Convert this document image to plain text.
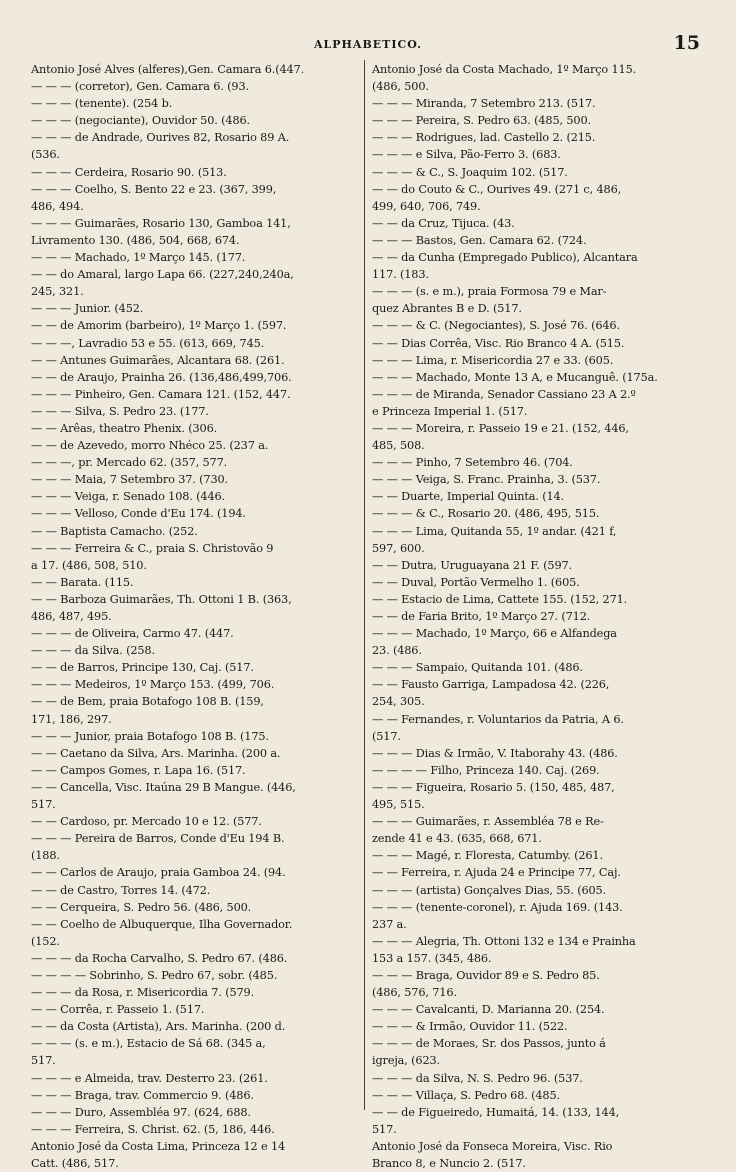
ALPHABETICO.	15
Antonio José Alves (alferes),Gen. Camara 6.(447.
— — — (corretor), Gen. Camara 6. (93.
— — — (tenente). (254 b.
— — — (negociante), Ouvidor 50. (486.
— — — de Andrade, Ourives 82, Rosario 89 A.
(536.
— — — Cerdeira, Rosario 90. (513.
— — — Coelho, S. Bento 22 e 23. (367, 399,
486, 494.
— — — Guimarães, Rosario 130, Gamboa 141,
Livramento 130. (486, 504, 668, 674.
— — — Machado, 1º Março 145. (177.
— — do Amaral, largo Lapa 66. (227,240,240a,
245, 321.
— — — Junior. (452.
— — de Amorim (barbeiro), 1º Março 1. (597.
— — —, Lavradio 53 e 55. (613, 669, 745.
— — Antunes Guimarães, Alcantara 68. (261.
— — de Araujo, Prainha 26. (136,486,499,706.
— — — Pinheiro, Gen. Camara 121. (152, 447.
— — — Silva, S. Pedro 23. (177.
— — Arêas, theatro Phenix. (306.
— — de Azevedo, morro Nhéco 25. (237 a.
— — —, pr. Mercado 62. (357, 577.
— — — Maia, 7 Setembro 37. (730.
— — — Veiga, r. Senado 108. (446.
— — — Velloso, Conde d'Eu 174. (194.
— — Baptista Camacho. (252.
— — — Ferreira & C., praia S. Christovão 9
a 17. (486, 508, 510.
— — Barata. (115.
— — Barboza Guimarães, Th. Ottoni 1 B. (363,
486, 487, 495.
— — — de Oliveira, Carmo 47. (447.
— — — da Silva. (258.
— — de Barros, Principe 130, Caj. (517.
— — — Medeiros, 1º Março 153. (499, 706.
— — de Bem, praia Botafogo 108 B. (159,
171, 186, 297.
— — — Junior, praia Botafogo 108 B. (175.
— — Caetano da Silva, Ars. Marinha. (200 a.
— — Campos Gomes, r. Lapa 16. (517.
— — Cancella, Visc. Itaúna 29 B Mangue. (446,
517.
— — Cardoso, pr. Mercado 10 e 12. (577.
— — — Pereira de Barros, Conde d'Eu 194 B.
(188.
— — Carlos de Araujo, praia Gamboa 24. (94.
— — de Castro, Torres 14. (472.
— — Cerqueira, S. Pedro 56. (486, 500.
— — Coelho de Albuquerque, Ilha Governador.
(152.
— — — da Rocha Carvalho, S. Pedro 67. (486.
— — — — Sobrinho, S. Pedro 67, sobr. (485.
— — — da Rosa, r. Misericordia 7. (579.
— — Corrêa, r. Passeio 1. (517.
— — da Costa (Artista), Ars. Marinha. (200 d.
— — — (s. e m.), Estacio de Sá 68. (345 a,
517.
— — — e Almeida, trav. Desterro 23. (261.
— — — Braga, trav. Commercio 9. (486.
— — — Duro, Assembléa 97. (624, 688.
— — — Ferreira, S. Christ. 62. (5, 186, 446.
Antonio José da Costa Lima, Princeza 12 e 14
Catt. (486, 517.
Antonio José da Costa Machado, 1º Março 115.
(486, 500.
— — — Miranda, 7 Setembro 213. (517.
— — — Pereira, S. Pedro 63. (485, 500.
— — — Rodrigues, lad. Castello 2. (215.
— — — e Silva, Pão-Ferro 3. (683.
— — — & C., S. Joaquim 102. (517.
— — do Couto & C., Ourives 49. (271 c, 486,
499, 640, 706, 749.
— — da Cruz, Tijuca. (43.
— — — Bastos, Gen. Camara 62. (724.
— — da Cunha (Empregado Publico), Alcantara
117. (183.
— — — (s. e m.), praia Formosa 79 e Mar-
quez Abrantes B e D. (517.
— — — & C. (Negociantes), S. José 76. (646.
— — Dias Corrêa, Visc. Rio Branco 4 A. (515.
— — — Lima, r. Misericordia 27 e 33. (605.
— — — Machado, Monte 13 A, e Mucanguê. (175a.
— — — de Miranda, Senador Cassiano 23 A 2.º
e Princeza Imperial 1. (517.
— — — Moreira, r. Passeio 19 e 21. (152, 446,
485, 508.
— — — Pinho, 7 Setembro 46. (704.
— — — Veiga, S. Franc. Prainha, 3. (537.
— — Duarte, Imperial Quinta. (14.
— — — & C., Rosario 20. (486, 495, 515.
— — — Lima, Quitanda 55, 1º andar. (421 f,
597, 600.
— — Dutra, Uruguayana 21 F. (597.
— — Duval, Portão Vermelho 1. (605.
— — Estacio de Lima, Cattete 155. (152, 271.
— — de Faria Brito, 1º Março 27. (712.
— — — Machado, 1º Março, 66 e Alfandega
23. (486.
— — — Sampaio, Quitanda 101. (486.
— — Fausto Garriga, Lampadosa 42. (226,
254, 305.
— — Fernandes, r. Voluntarios da Patria, A 6.
(517.
— — — Dias & Irmão, V. Itaborahy 43. (486.
— — — — Filho, Princeza 140. Caj. (269.
— — — Figueira, Rosario 5. (150, 485, 487,
495, 515.
— — — Guimarães, r. Assembléa 78 e Re-
zende 41 e 43. (635, 668, 671.
— — — Magé, r. Floresta, Catumby. (261.
— — Ferreira, r. Ajuda 24 e Principe 77, Caj.
— — — (artista) Gonçalves Dias, 55. (605.
— — — (tenente-coronel), r. Ajuda 169. (143.
237 a.
— — — Alegria, Th. Ottoni 132 e 134 e Prainha
153 a 157. (345, 486.
— — — Braga, Ouvidor 89 e S. Pedro 85.
(486, 576, 716.
— — — Cavalcanti, D. Marianna 20. (254.
— — — & Irmão, Ouvidor 11. (522.
— — — de Moraes, Sr. dos Passos, junto á
igreja, (623.
— — — da Silva, N. S. Pedro 96. (537.
— — — Villaça, S. Pedro 68. (485.
— — de Figueiredo, Humaitá, 14. (133, 144,
517.
Antonio José da Fonseca Moreira, Visc. Rio
Branco 8, e Nuncio 2. (517.
